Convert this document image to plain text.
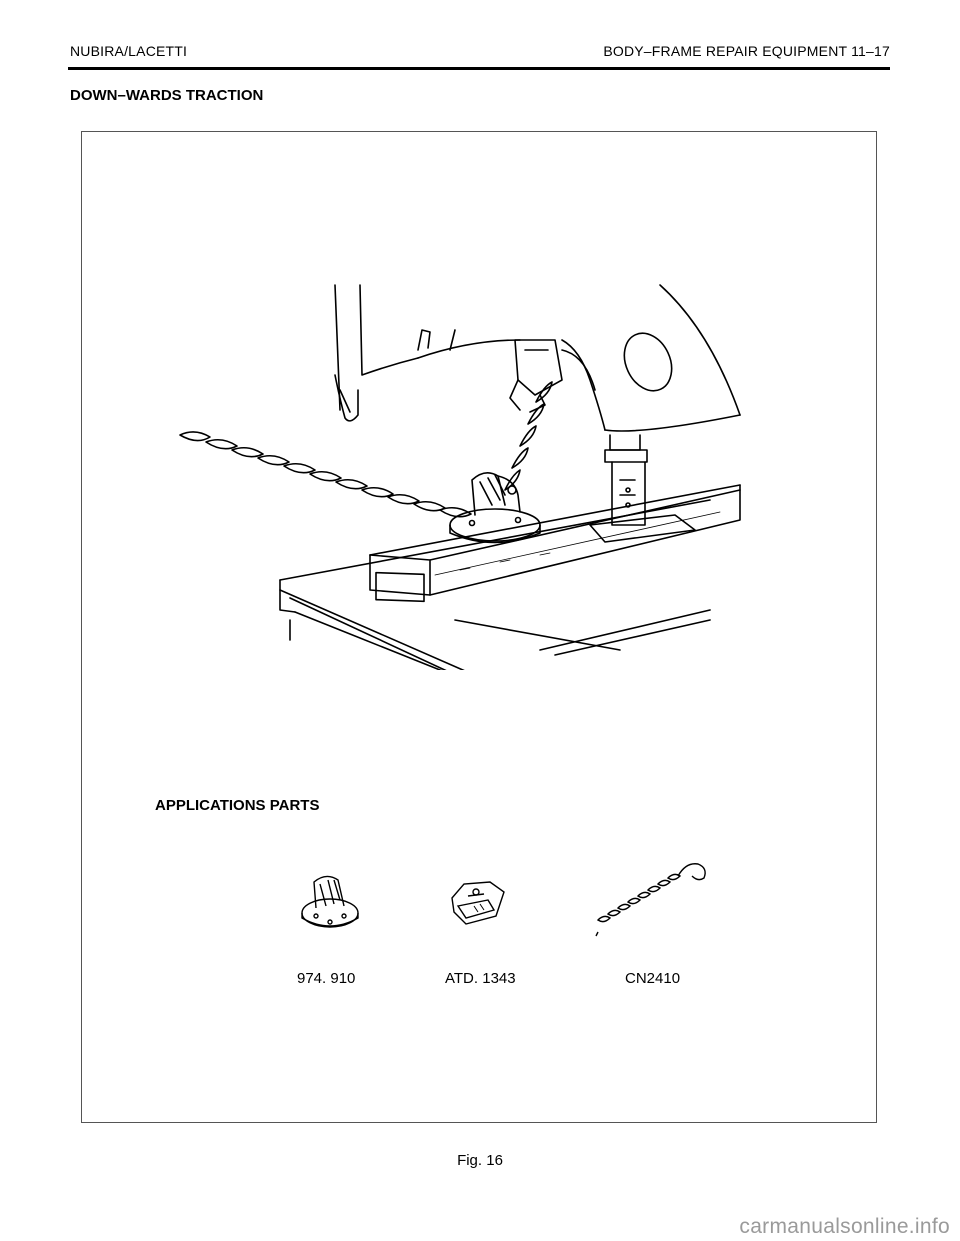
NUBIRA/LACETTI	BODY–FRAME REPAIR EQUIPMENT 11–17
DOWN–WARDS TRACTION
APPLICATIONS PARTS
974. 910	ATD. 1343	CN2410
Fig. 16
carmanualsonline.info
